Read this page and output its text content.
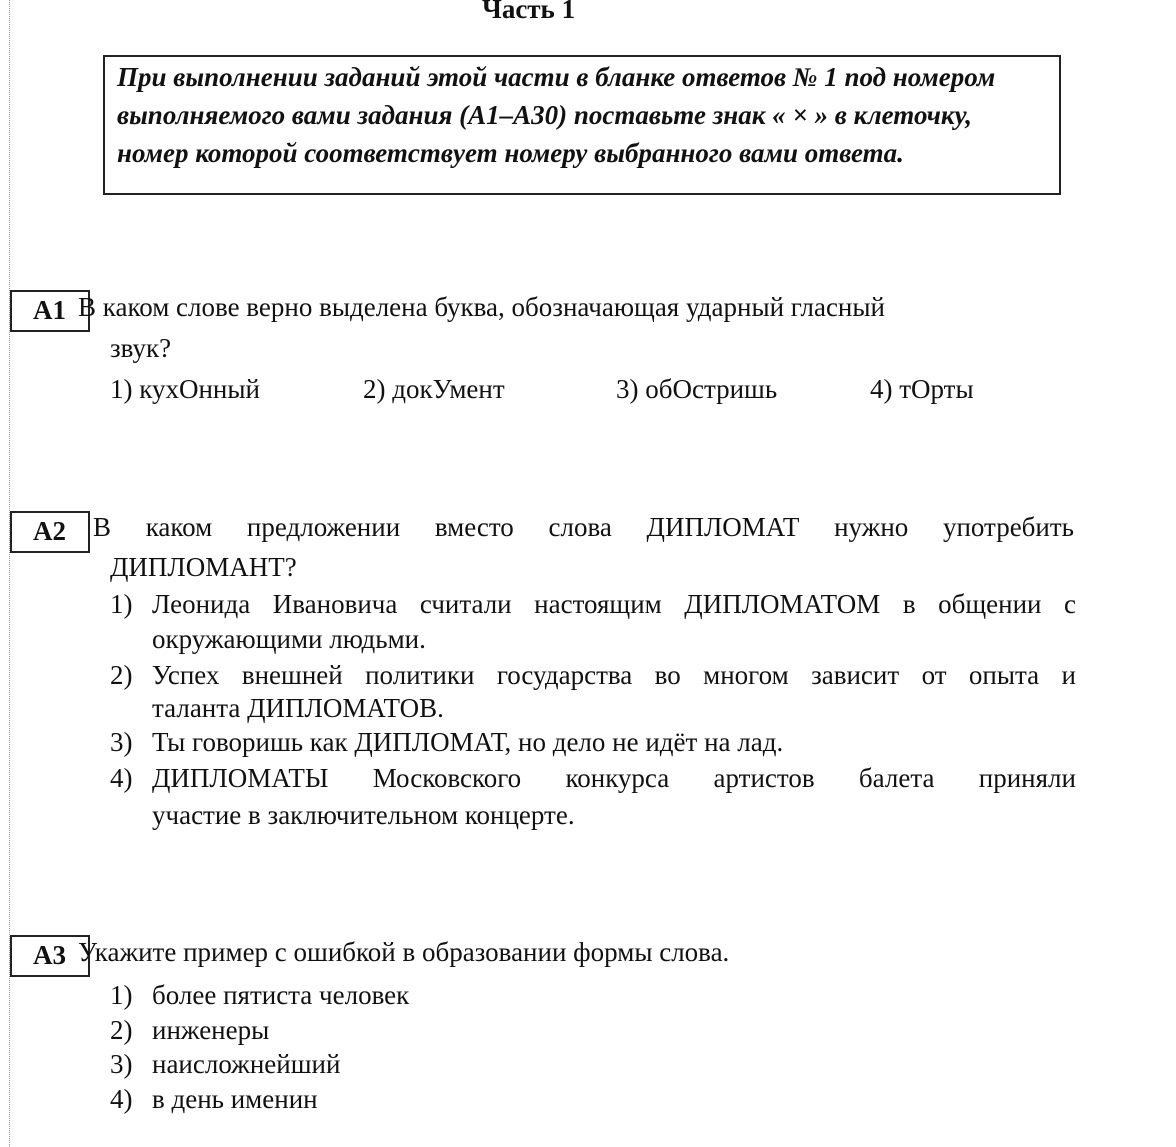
Часть 1
При выполнении заданий этой части в бланке ответов № 1 под номером выполняемого вами задания (А1–А30) поставьте знак « × » в клеточку, номер которой соответствует номеру выбранного вами ответа.
А1 В каком слове верно выделена буква, обозначающая ударный гласный
звук?
1) кухОнный	2) докУмент	3) обОстришь	4) тОрты
А2	В каком предложении вместо слова ДИПЛОМАТ нужно употребить
ДИПЛОМАНТ?
1) Леонида Ивановича считали настоящим ДИПЛОМАТОМ в общении с
окружающими людьми.
2) Успех внешней политики государства во многом зависит от опыта и
таланта ДИПЛОМАТОВ.
3) Ты говоришь как ДИПЛОМАТ, но дело не идёт на лад.
4) ДИПЛОМАТЫ Московского конкурса артистов балета приняли
участие в заключительном концерте.
А3 Укажите пример с ошибкой в образовании формы слова.
1) более пятиста человек
2) инженеры
3) наисложнейший
4) в день именин
